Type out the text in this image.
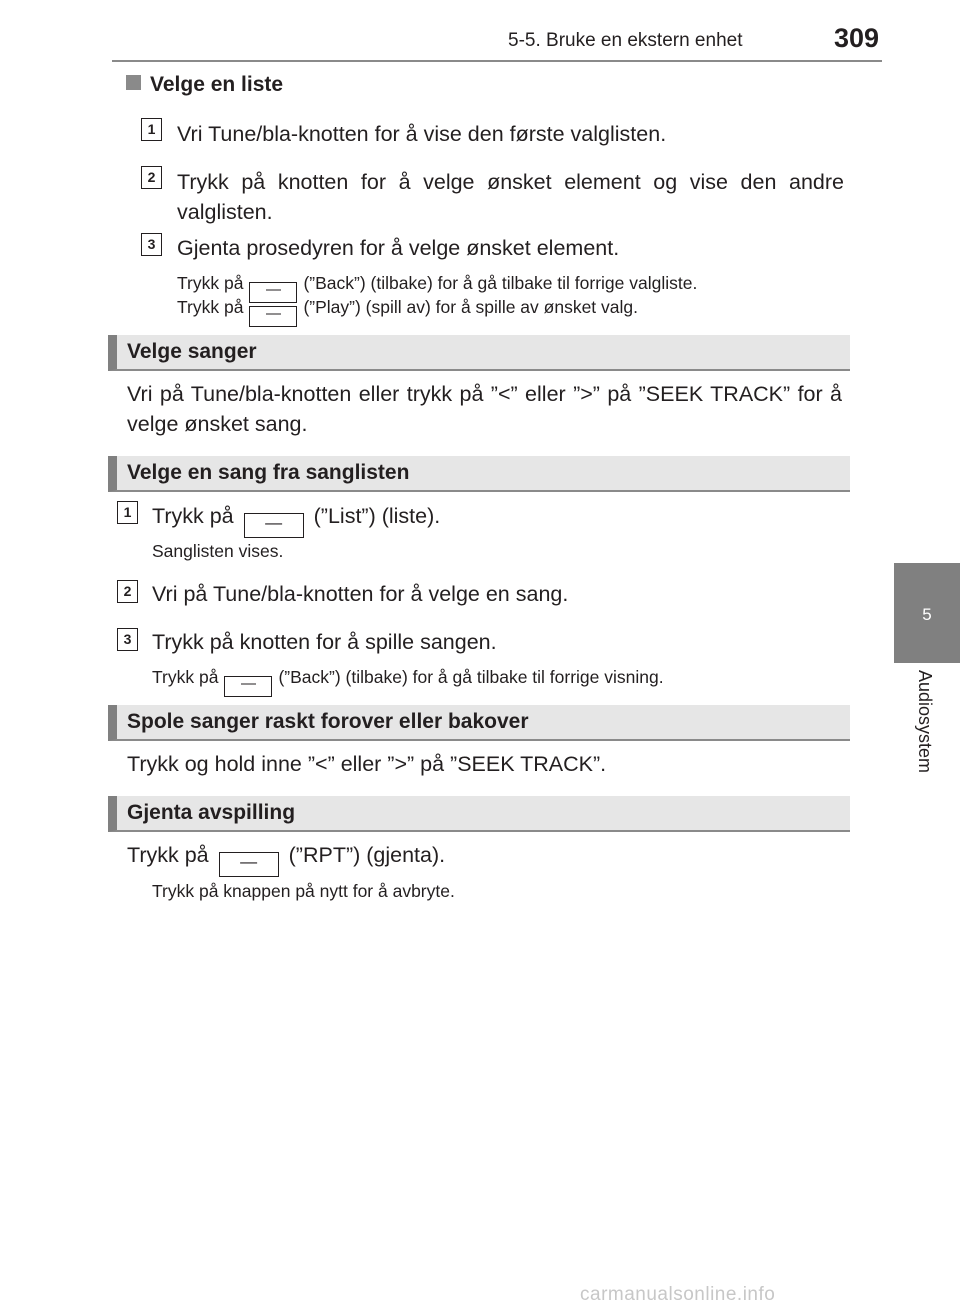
5-5. Bruke en ekstern enhet	309
5
Audiosystem
Velge en liste
1	Vri Tune/bla-knotten for å vise den første valglisten.
2	Trykk på knotten for å velge ønsket element og vise den andre valglisten.
3	Gjenta prosedyren for å velge ønsket element.
Trykk på — (”Back”) (tilbake) for å gå tilbake til forrige valgliste.
Trykk på — (”Play”) (spill av) for å spille av ønsket valg.
Velge sanger
Vri på Tune/bla-knotten eller trykk på ”<” eller ”>” på ”SEEK TRACK” for å velge ønsket sang.
Velge en sang fra sanglisten
1 Trykk på — (”List”) (liste).
Sanglisten vises.
2 Vri på Tune/bla-knotten for å velge en sang.
3 Trykk på knotten for å spille sangen.
Trykk på — (”Back”) (tilbake) for å gå tilbake til forrige visning.
Spole sanger raskt forover eller bakover
Trykk og hold inne ”<” eller ”>” på ”SEEK TRACK”.
Gjenta avspilling
Trykk på — (”RPT”) (gjenta).
Trykk på knappen på nytt for å avbryte.
carmanualsonline.info
